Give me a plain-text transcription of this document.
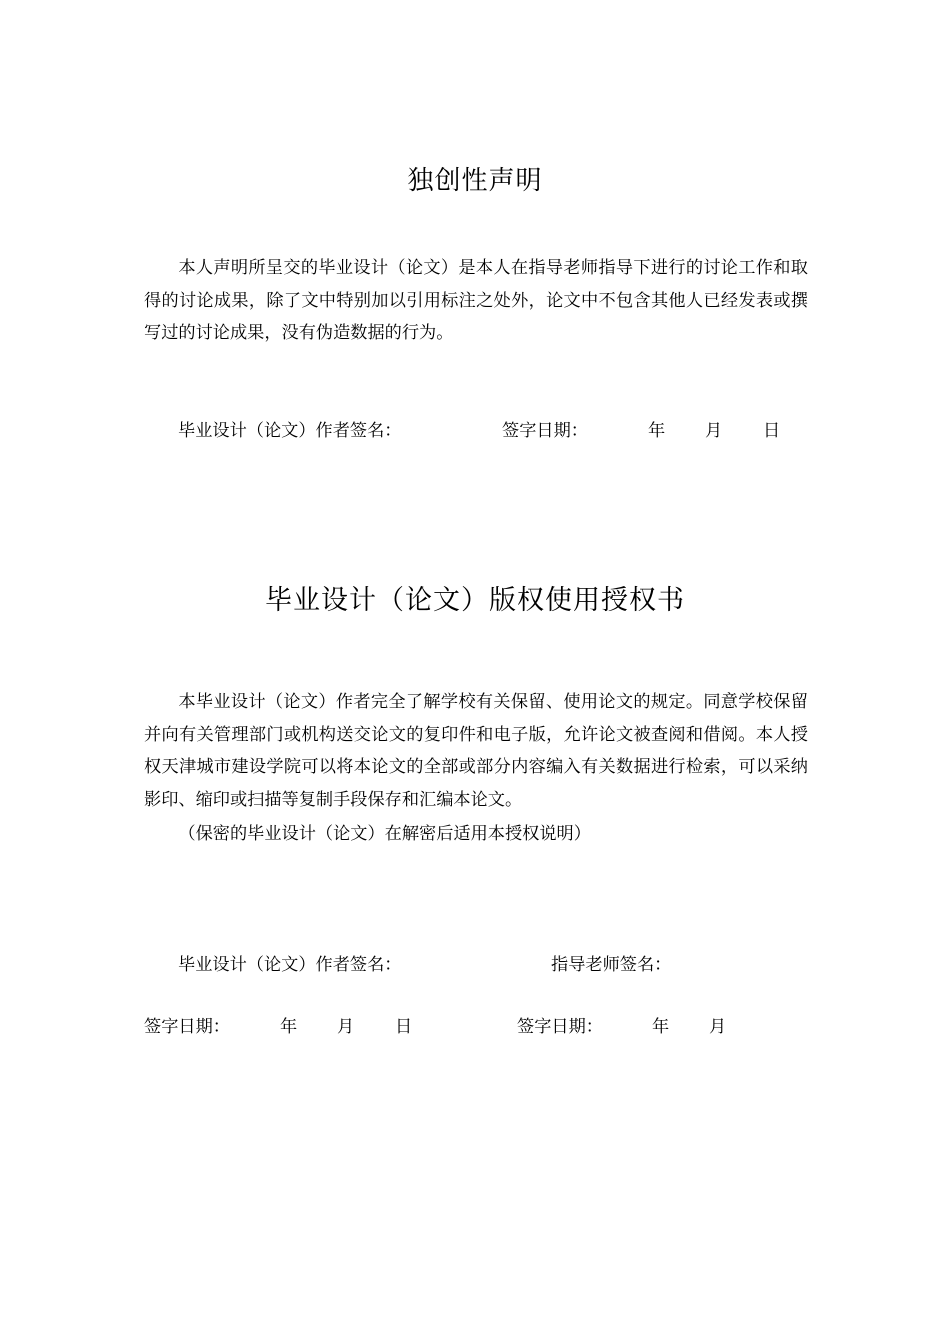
独创性声明
本人声明所呈交的毕业设计（论文）是本人在指导老师指导下进行的讨论工作和取得的讨论成果，除了文中特别加以引用标注之处外，论文中不包含其他人已经发表或撰写过的讨论成果，没有伪造数据的行为。
毕业设计（论文）作者签名：	签字日期：	年 月 日
毕业设计（论文）版权使用授权书
本毕业设计（论文）作者完全了解学校有关保留、使用论文的规定。同意学校保留并向有关管理部门或机构送交论文的复印件和电子版，允许论文被查阅和借阅。本人授权天津城市建设学院可以将本论文的全部或部分内容编入有关数据进行检索，可以采纳影印、缩印或扫描等复制手段保存和汇编本论文。
（保密的毕业设计（论文）在解密后适用本授权说明）
毕业设计（论文）作者签名：	指导老师签名：
签字日期：	年 月 日	签字日期：	年 月
